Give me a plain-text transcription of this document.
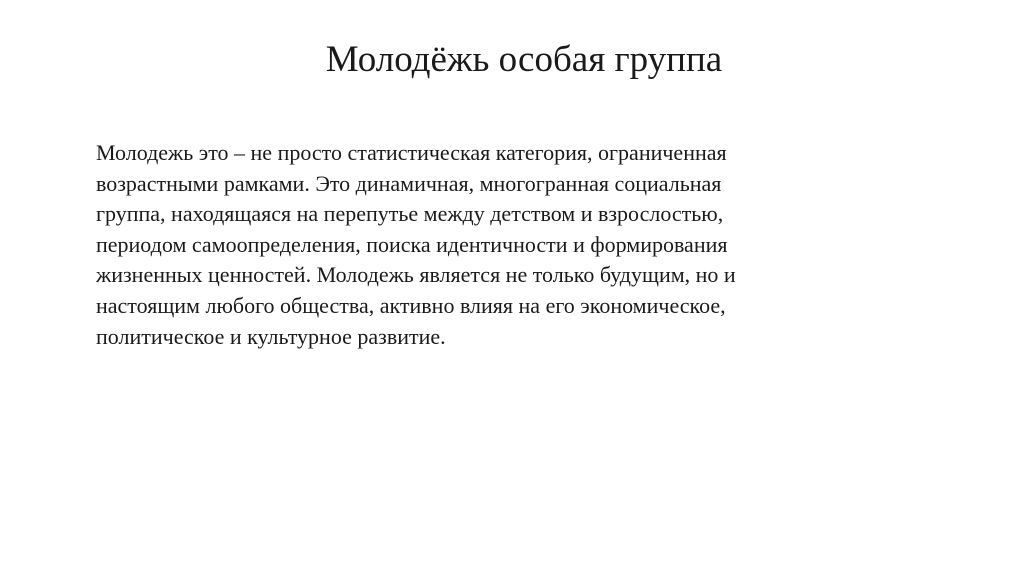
Молодёжь особая группа

Молодежь это – не просто статистическая категория, ограниченная
возрастными рамками. Это динамичная, многогранная социальная
группа, находящаяся на перепутье между детством и взрослостью,
периодом самоопределения, поиска идентичности и формирования
жизненных ценностей. Молодежь является не только будущим, но и
настоящим любого общества, активно влияя на его экономическое,
политическое и культурное развитие.
